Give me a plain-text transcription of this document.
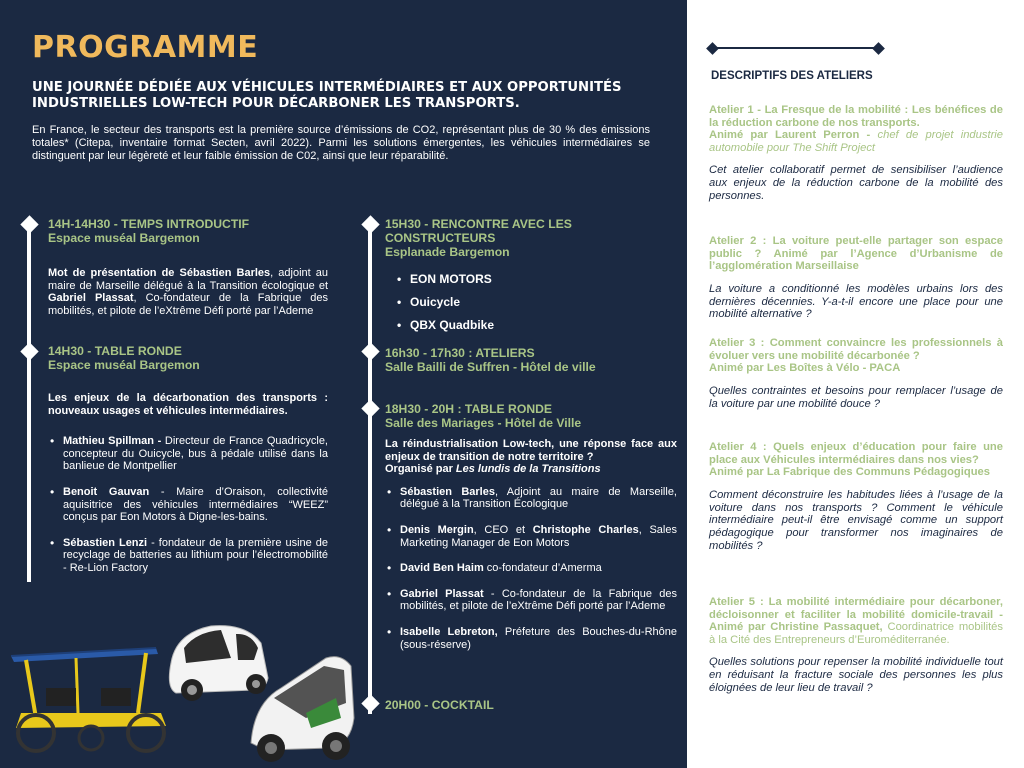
PROGRAMME
UNE JOURNÉE DÉDIÉE AUX VÉHICULES INTERMÉDIAIRES ET AUX OPPORTUNITÉS INDUSTRIELLES LOW-TECH POUR DÉCARBONER LES TRANSPORTS.
En France, le secteur des transports est la première source d’émissions de CO2, représentant plus de 30 % des émissions totales* (Citepa, inventaire format Secten, avril 2022). Parmi les solutions émergentes, les véhicules intermédiaires se distinguent par leur légèreté et leur faible émission de C02, ainsi que leur réparabilité.
14H-14H30 - TEMPS INTRODUCTIF
Espace muséal Bargemon
Mot de présentation de Sébastien Barles, adjoint au maire de Marseille délégué à la Transition écologique et Gabriel Plassat, Co-fondateur de la Fabrique des mobilités, et pilote de l’eXtrême Défi porté par l’Ademe
14H30 - TABLE RONDE
Espace muséal Bargemon
Les enjeux de la décarbonation des transports : nouveaux usages et véhicules intermédiaires.
• Mathieu Spillman - Directeur de France Quadricycle, concepteur du Ouicycle, bus à pédale utilisé dans la banlieue de Montpellier
• Benoit Gauvan - Maire d’Oraison, collectivité aquisitrice des véhicules intermédiaires “WEEZ” conçus par Eon Motors à Digne-les-bains.
• Sébastien Lenzi - fondateur de la première usine de recyclage de batteries au lithium pour l’électromobilité - Re-Lion Factory
15H30 - RENCONTRE AVEC LES
CONSTRUCTEURS
Esplanade Bargemon
• EON MOTORS
• Ouicycle
• QBX Quadbike
16h30 - 17h30 : ATELIERS
Salle Bailli de Suffren - Hôtel de ville
18H30 - 20H : TABLE RONDE
Salle des Mariages - Hôtel de Ville
La réindustrialisation Low-tech, une réponse face aux enjeux de transition de notre territoire ?
Organisé par Les lundis de la Transitions
• Sébastien Barles, Adjoint au maire de Marseille, délégué à la Transition Écologique
• Denis Mergin, CEO et Christophe Charles, Sales Marketing Manager de Eon Motors
• David Ben Haim co-fondateur d’Amerma
• Gabriel Plassat - Co-fondateur de la Fabrique des mobilités, et pilote de l’eXtrême Défi porté par l’Ademe
• Isabelle Lebreton, Préfeture des Bouches-du-Rhône (sous-réserve)
20H00 - COCKTAIL
DESCRIPTIFS DES ATELIERS
Atelier 1 - La Fresque de la mobilité : Les bénéfices de la réduction carbone de nos transports.
Animé par Laurent Perron - chef de projet industrie automobile pour The Shift Project
Cet atelier collaboratif permet de sensibiliser l’audience aux enjeux de la réduction carbone de la mobilité des personnes.
Atelier 2 : La voiture peut-elle partager son espace public ? Animé par l’Agence d’Urbanisme de l’agglomération Marseillaise
La voiture a conditionné les modèles urbains lors des dernières décennies. Y-a-t-il encore une place pour une mobilité alternative ?
Atelier 3 : Comment convaincre les professionnels à évoluer vers une mobilité décarbonée ?
Animé par Les Boîtes à Vélo - PACA
Quelles contraintes et besoins pour remplacer l’usage de la voiture par une mobilité douce ?
Atelier 4 : Quels enjeux d’éducation pour faire une place aux Véhicules intermédiaires dans nos vies?
Animé par La Fabrique des Communs Pédagogiques
Comment déconstruire les habitudes liées à l’usage de la voiture dans nos transports ? Comment le véhicule intermédiaire peut-il être envisagé comme un support pédagogique pour transformer nos imaginaires de mobilités ?
Atelier 5 : La mobilité intermédiaire pour décarboner, décloisonner et faciliter la mobilité domicile-travail - Animé par Christine Passaquet, Coordinatrice mobilités à la Cité des Entrepreneurs d’Euroméditerranée.
Quelles solutions pour repenser la mobilité individuelle tout en réduisant la fracture sociale des personnes les plus éloignées de leur lieu de travail ?
